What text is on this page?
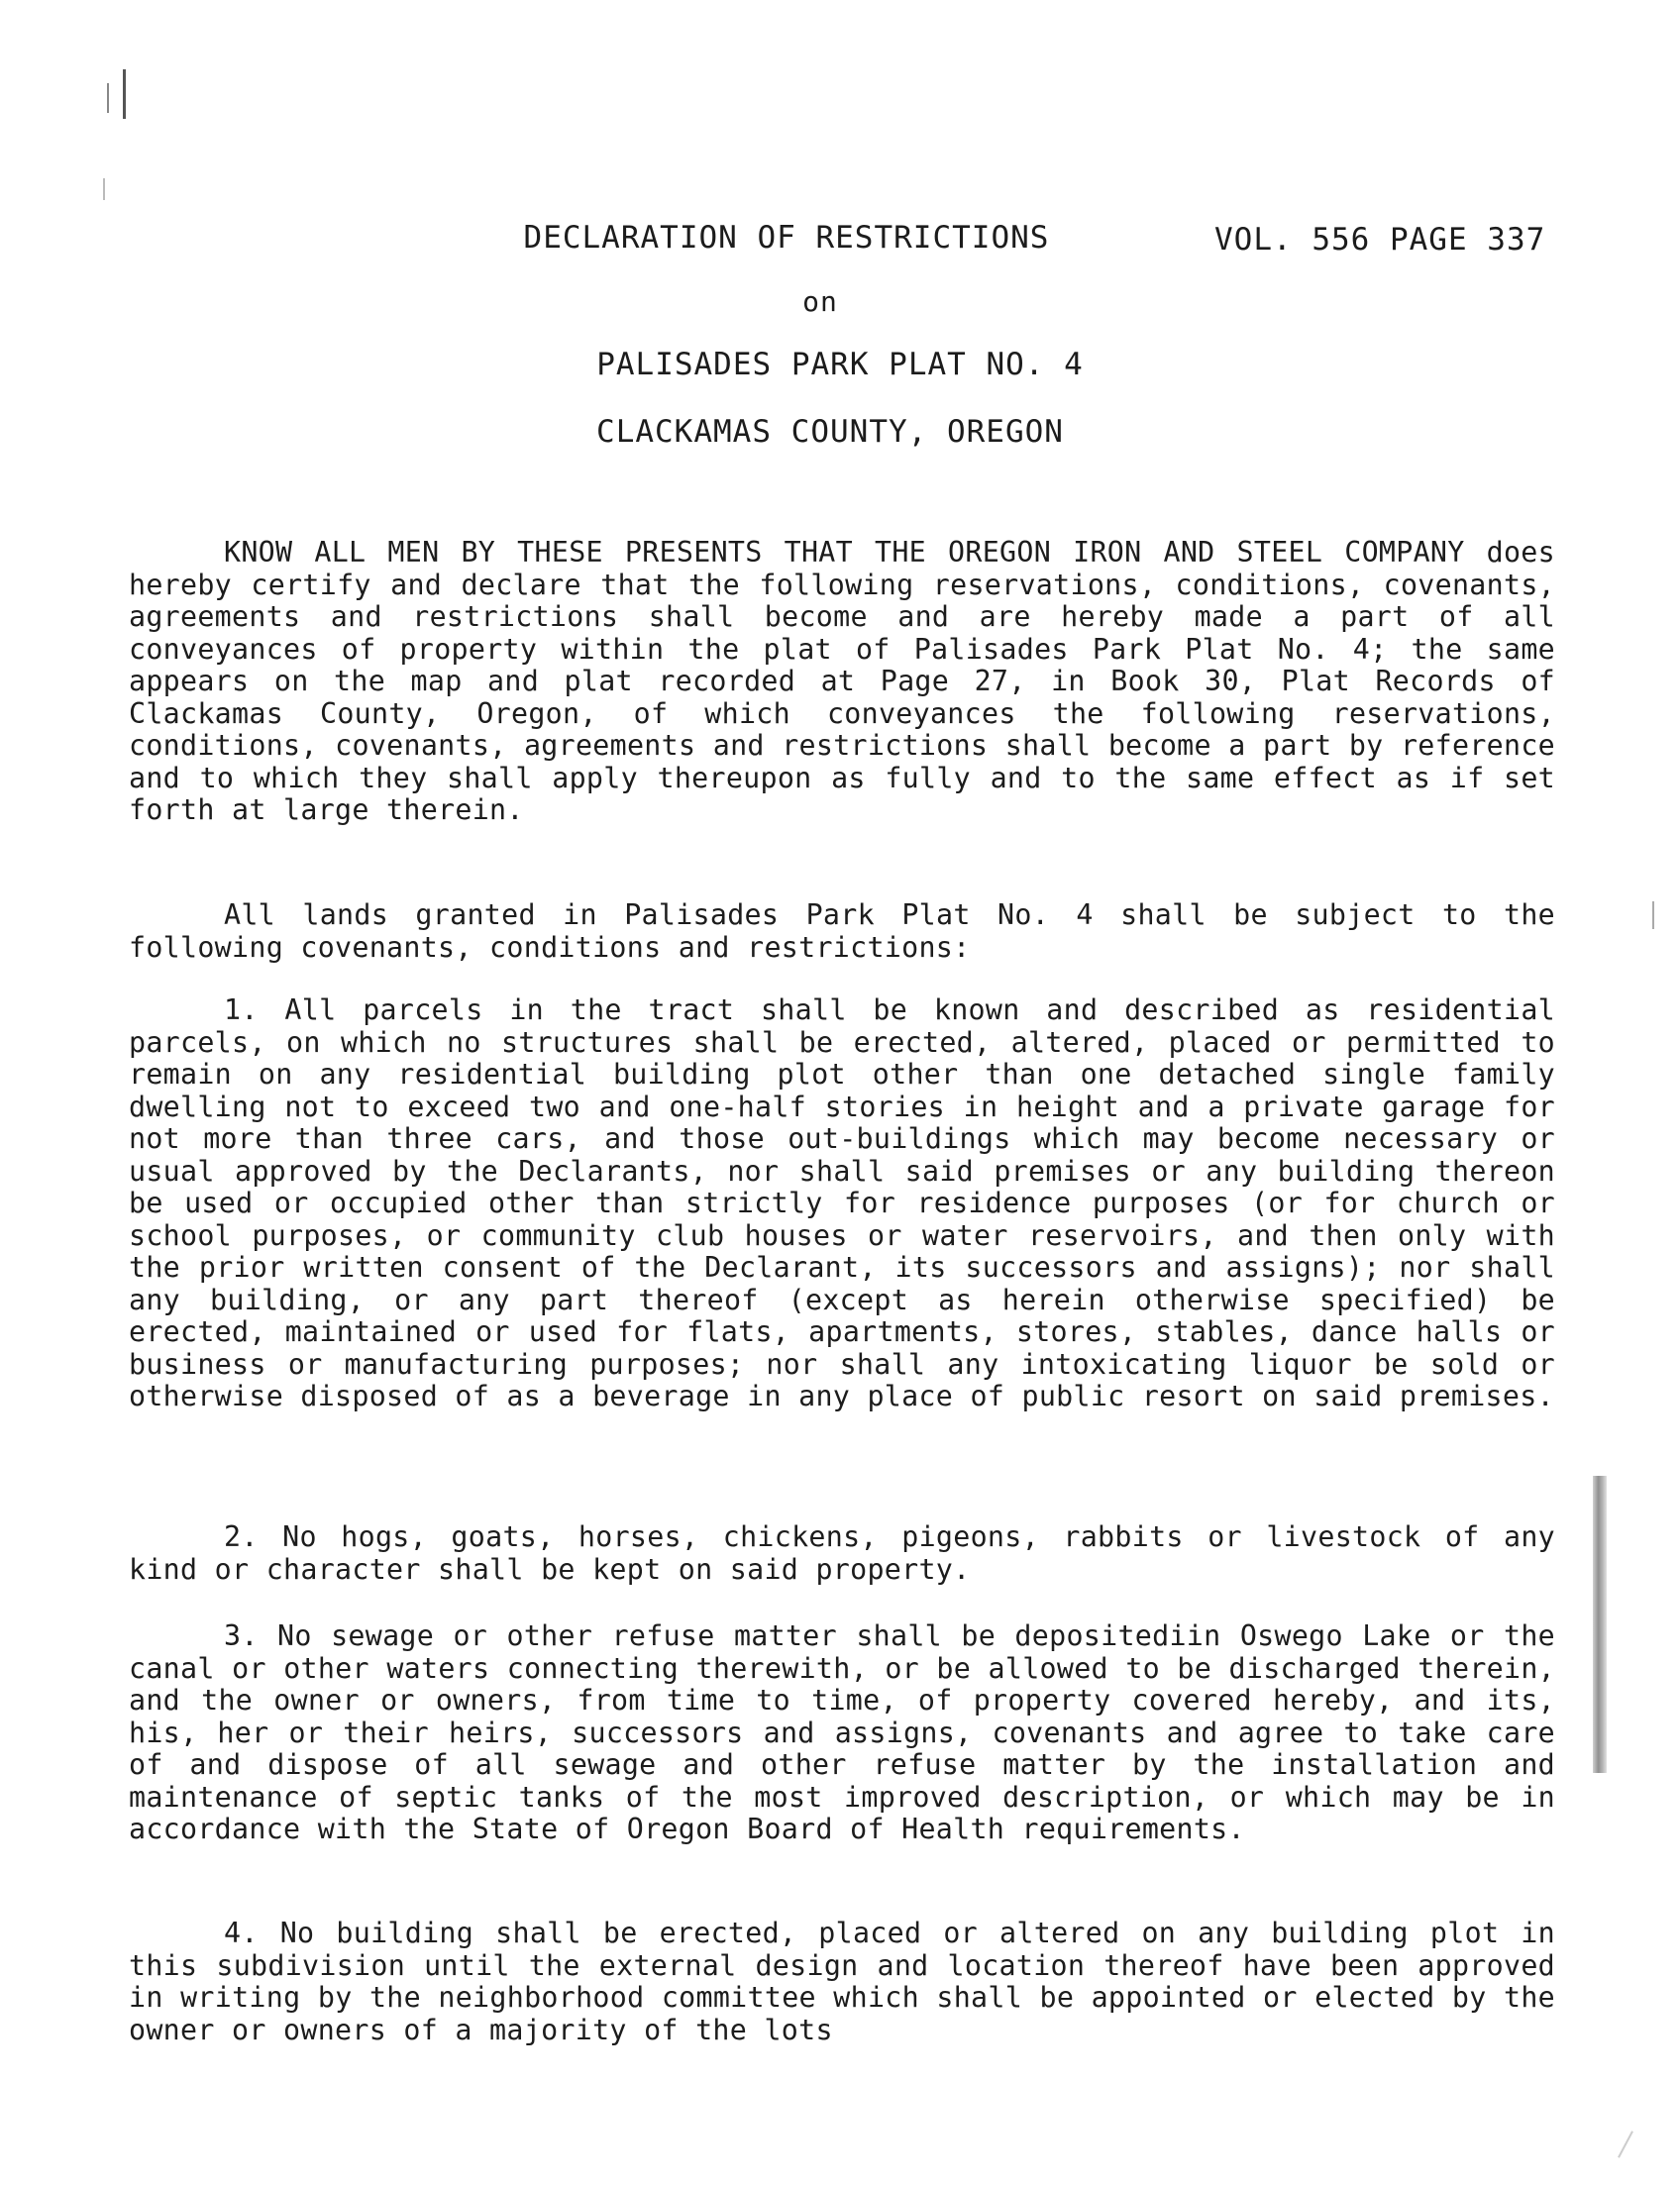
DECLARATION OF RESTRICTIONS	VOL. 556 PAGE 337
on
PALISADES PARK PLAT NO. 4
CLACKAMAS COUNTY, OREGON

KNOW ALL MEN BY THESE PRESENTS THAT THE OREGON IRON AND STEEL COMPANY does hereby certify and declare that the following reservations, conditions, covenants, agreements and restrictions shall become and are hereby made a part of all conveyances of property within the plat of Palisades Park Plat No. 4; the same appears on the map and plat recorded at Page 27, in Book 30, Plat Records of Clackamas County, Oregon, of which conveyances the following reservations, conditions, covenants, agreements and restrictions shall become a part by reference and to which they shall apply thereupon as fully and to the same effect as if set forth at large therein.

All lands granted in Palisades Park Plat No. 4 shall be subject to the following covenants, conditions and restrictions:

1. All parcels in the tract shall be known and described as residential parcels, on which no structures shall be erected, altered, placed or permitted to remain on any residential building plot other than one detached single family dwelling not to exceed two and one-half stories in height and a private garage for not more than three cars, and those out-buildings which may become necessary or usual approved by the Declarants, nor shall said premises or any building thereon be used or occupied other than strictly for residence purposes (or for church or school purposes, or community club houses or water reservoirs, and then only with the prior written consent of the Declarant, its successors and assigns); nor shall any building, or any part thereof (except as herein otherwise specified) be erected, maintained or used for flats, apartments, stores, stables, dance halls or business or manufacturing purposes; nor shall any intoxicating liquor be sold or otherwise disposed of as a beverage in any place of public resort on said premises.

2. No hogs, goats, horses, chickens, pigeons, rabbits or livestock of any kind or character shall be kept on said property.

3. No sewage or other refuse matter shall be depositediin Oswego Lake or the canal or other waters connecting therewith, or be allowed to be discharged therein, and the owner or owners, from time to time, of property covered hereby, and its, his, her or their heirs, successors and assigns, covenants and agree to take care of and dispose of all sewage and other refuse matter by the installation and maintenance of septic tanks of the most improved description, or which may be in accordance with the State of Oregon Board of Health requirements.

4. No building shall be erected, placed or altered on any building plot in this subdivision until the external design and location thereof have been approved in writing by the neighborhood committee which shall be appointed or elected by the owner or owners of a majority of the lots
